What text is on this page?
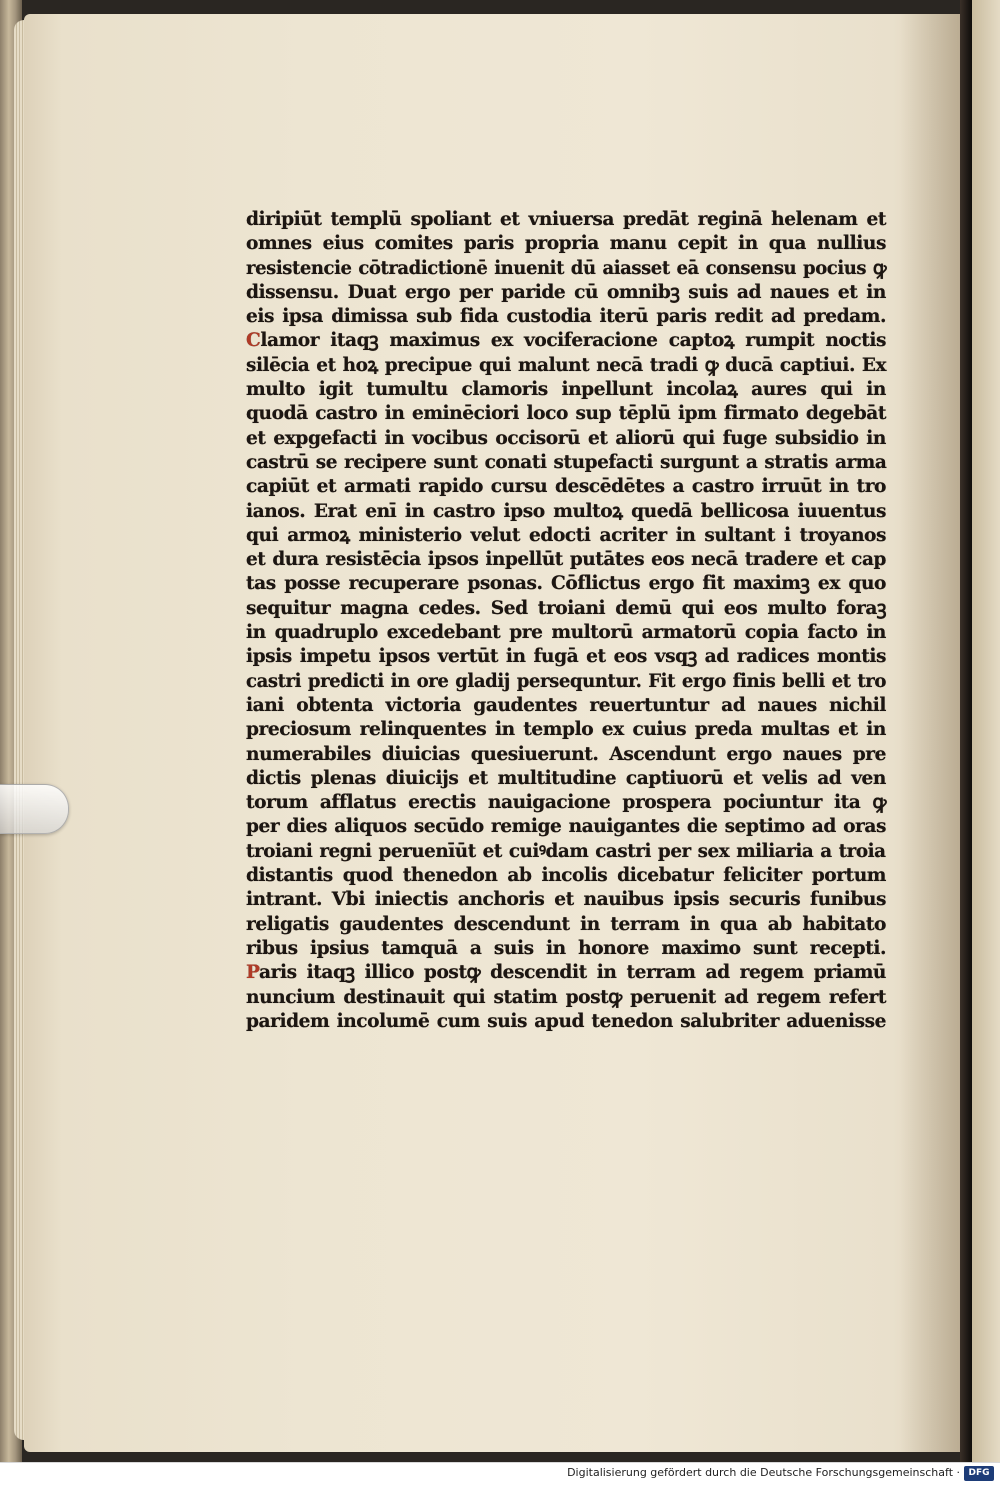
diripiūt templū spoliant et vniuersa predāt reginā helenam et
omnes eius comites paris propria manu cepit in qua nullius
resistencie cōtradictionē inuenit dū aiasset eā consensu pocius ꝙ
dissensu. Duat ergo per paride cū omnibꝫ suis ad naues et in
eis ipsa dimissa sub fida custodia iterū paris redit ad predam.
Clamor itaqꝫ maximus ex vociferacione captoꝝ rumpit noctis
silēcia et hoꝝ precipue qui malunt necā tradi ꝙ ducā captiui. Ex
multo igit tumultu clamoris inpellunt incolaꝝ aures qui in
quodā castro in eminēciori loco sup tēplū ipm firmato degebāt
et expgefacti in vocibus occisorū et aliorū qui fuge subsidio in
castrū se recipere sunt conati stupefacti surgunt a stratis arma
capiūt et armati rapido cursu descēdētes a castro irruūt in tro
ianos. Erat enī in castro ipso multoꝝ quedā bellicosa iuuentus
qui armoꝝ ministerio velut edocti acriter in sultant i troyanos
et dura resistēcia ipsos inpellūt putātes eos necā tradere et cap
tas posse recuperare psonas. Cōflictus ergo fit maximꝫ ex quo
sequitur magna cedes. Sed troiani demū qui eos multo foraꝫ
in quadruplo excedebant pre multorū armatorū copia facto in
ipsis impetu ipsos vertūt in fugā et eos vsqꝫ ad radices montis
castri predicti in ore gladij persequntur. Fit ergo finis belli et tro
iani obtenta victoria gaudentes reuertuntur ad naues nichil
preciosum relinquentes in templo ex cuius preda multas et in
numerabiles diuicias quesiuerunt. Ascendunt ergo naues pre
dictis plenas diuicijs et multitudine captiuorū et velis ad ven
torum afflatus erectis nauigacione prospera pociuntur ita ꝙ
per dies aliquos secūdo remige nauigantes die septimo ad oras
troiani regni peruenīūt et cuiꝰdam castri per sex miliaria a troia
distantis quod thenedon ab incolis dicebatur feliciter portum
intrant. Vbi iniectis anchoris et nauibus ipsis securis funibus
religatis gaudentes descendunt in terram in qua ab habitato
ribus ipsius tamquā a suis in honore maximo sunt recepti.
Paris itaqꝫ illico postꝙ descendit in terram ad regem priamū
nuncium destinauit qui statim postꝙ peruenit ad regem refert
paridem incolumē cum suis apud tenedon salubriter aduenisse
Digitalisierung gefördert durch die Deutsche Forschungsgemeinschaft · DFG
